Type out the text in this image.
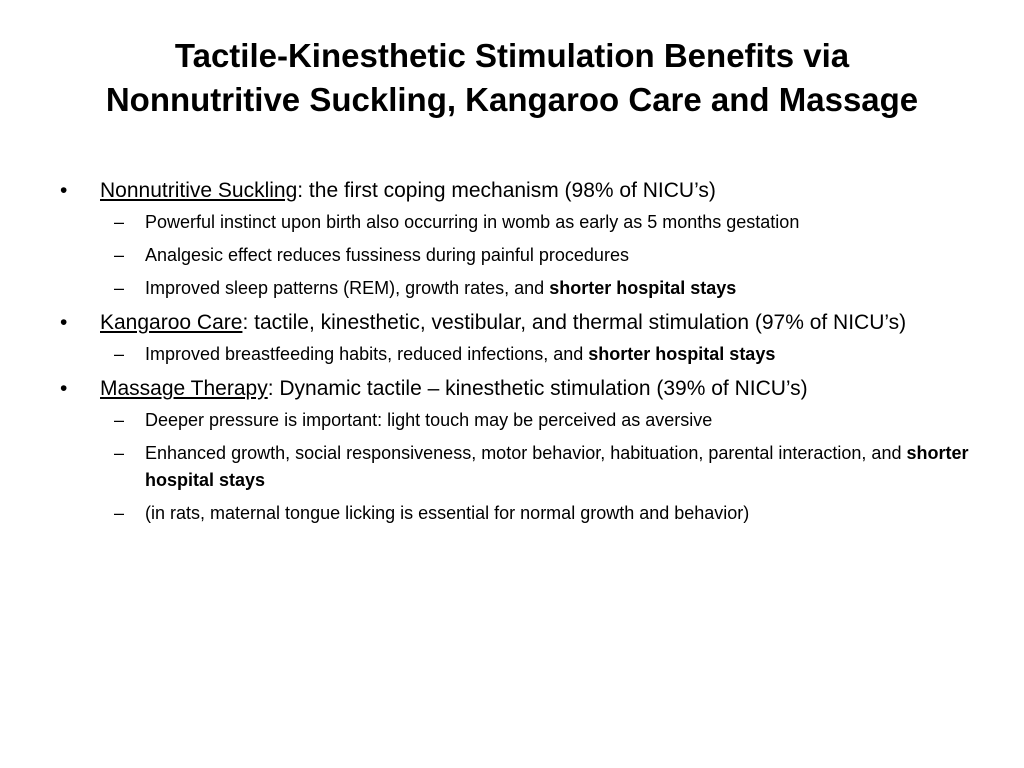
Tactile-Kinesthetic Stimulation Benefits via
Nonnutritive Suckling, Kangaroo Care and Massage
•	Nonnutritive Suckling: the first coping mechanism (98% of NICU’s)
–	Powerful instinct upon birth also occurring in womb as early as 5 months gestation
–	Analgesic effect reduces fussiness during painful procedures
–	Improved sleep patterns (REM), growth rates, and shorter hospital stays
•	Kangaroo Care: tactile, kinesthetic, vestibular, and thermal stimulation (97% of NICU’s)
–	Improved breastfeeding habits, reduced infections, and shorter hospital stays
•	Massage Therapy: Dynamic tactile – kinesthetic stimulation (39% of NICU’s)
–	Deeper pressure is important: light touch may be perceived as aversive
–	Enhanced growth, social responsiveness, motor behavior, habituation, parental interaction, and shorter hospital stays
–	(in rats, maternal tongue licking is essential for normal growth and behavior)
